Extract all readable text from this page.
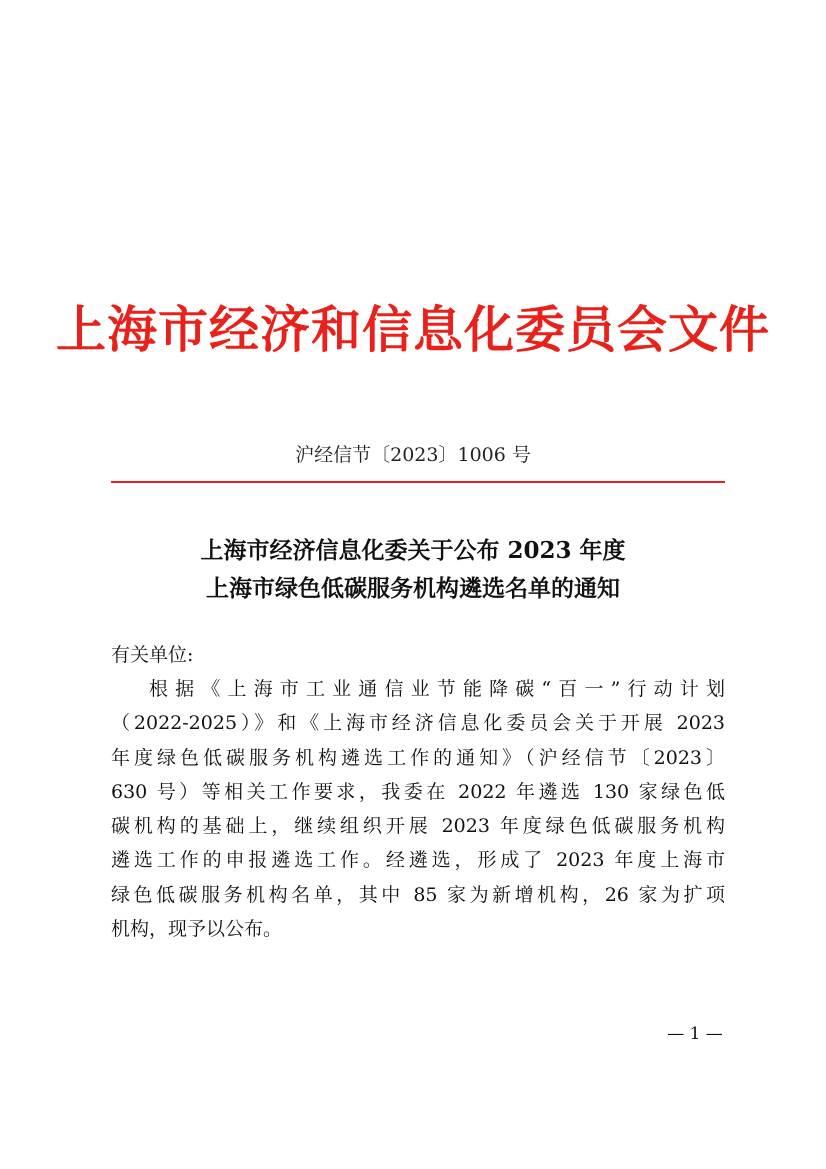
上海市经济和信息化委员会文件
沪经信节〔2023〕1006 号
上海市经济信息化委关于公布 2023 年度
上海市绿色低碳服务机构遴选名单的通知
有关单位:
根据《上海市工业通信业节能降碳“百一”行动计划
（2022-2025）》和《上海市经济信息化委员会关于开展 2023
年度绿色低碳服务机构遴选工作的通知》（沪经信节〔2023〕
630 号）等相关工作要求，我委在 2022 年遴选 130 家绿色低
碳机构的基础上，继续组织开展 2023 年度绿色低碳服务机构
遴选工作的申报遴选工作。经遴选，形成了 2023 年度上海市
绿色低碳服务机构名单，其中 85 家为新增机构，26 家为扩项
机构，现予以公布。
— 1 —
